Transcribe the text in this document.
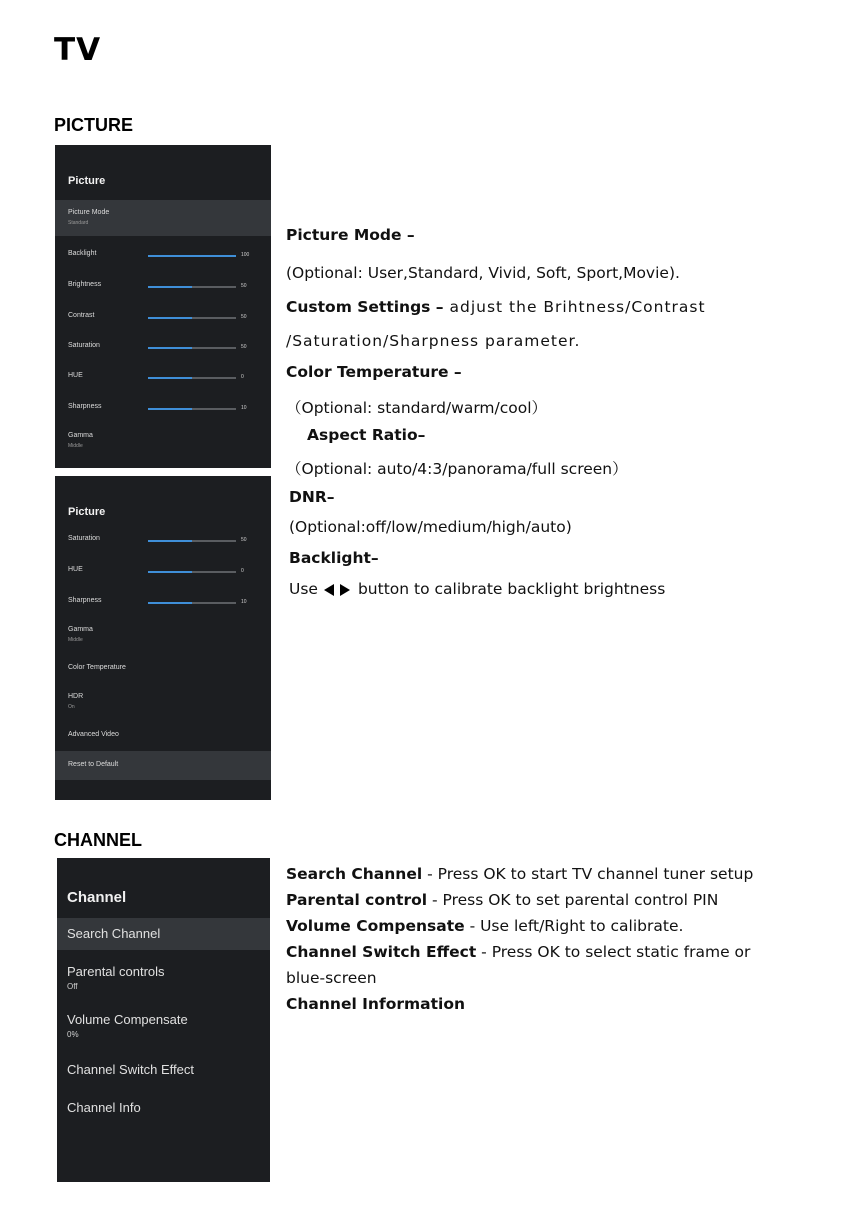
TV
PICTURE
CHANNEL
Picture
Picture Mode
Standard
Backlight	100
Brightness	50
Contrast	50
Saturation	50
HUE	0
Sharpness	10
Gamma
Middle
Picture
Saturation	50
HUE	0
Sharpness	10
Gamma
Middle
Color Temperature
HDR
On
Advanced Video
Reset to Default
Picture Mode –
(Optional: User,Standard, Vivid, Soft, Sport,Movie).
Custom Settings – adjust the Brihtness/Contrast
/Saturation/Sharpness parameter.
Color Temperature –
（Optional: standard/warm/cool）
Aspect Ratio–
（Optional: auto/4:3/panorama/full screen）
DNR–
(Optional:off/low/medium/high/auto)
Backlight–
Use	button to calibrate backlight brightness
Channel
Search Channel
Parental controls
Off
Volume Compensate
0%
Channel Switch Effect
Channel Info
Search Channel - Press OK to start TV channel tuner setup
Parental control - Press OK to set parental control PIN
Volume Compensate - Use left/Right to calibrate.
Channel Switch Effect - Press OK to select static frame or
blue-screen
Channel Information
